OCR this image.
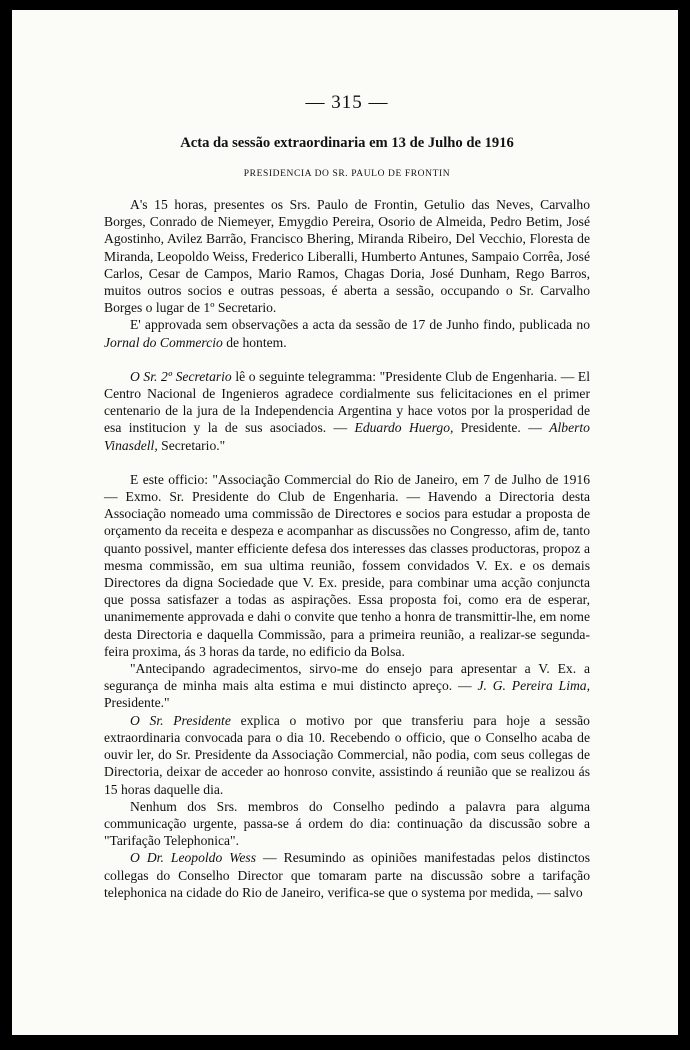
— 315 —
Acta da sessão extraordinaria em 13 de Julho de 1916
PRESIDENCIA DO SR. PAULO DE FRONTIN

A's 15 horas, presentes os Srs. Paulo de Frontin, Getulio das Neves, Carvalho Borges, Conrado de Niemeyer, Emygdio Pereira, Osorio de Almeida, Pedro Betim, José Agostinho, Avilez Barrão, Francisco Bhering, Miranda Ribeiro, Del Vecchio, Floresta de Miranda, Leopoldo Weiss, Frederico Liberalli, Humberto Antunes, Sampaio Corrêa, José Carlos, Cesar de Campos, Mario Ramos, Chagas Doria, José Dunham, Rego Barros, muitos outros socios e outras pessoas, é aberta a sessão, occupando o Sr. Carvalho Borges o lugar de 1º Secretario.

E' approvada sem observações a acta da sessão de 17 de Junho findo, publicada no Jornal do Commercio de hontem.

O Sr. 2º Secretario lê o seguinte telegramma: "Presidente Club de Engenharia. — El Centro Nacional de Ingenieros agradece cordialmente sus felicitaciones en el primer centenario de la jura de la Independencia Argentina y hace votos por la prosperidad de esa institucion y la de sus asociados. — Eduardo Huergo, Presidente. — Alberto Vinasdell, Secretario."

E este officio: "Associação Commercial do Rio de Janeiro, em 7 de Julho de 1916 — Exmo. Sr. Presidente do Club de Engenharia. — Havendo a Directoria desta Associação nomeado uma commissão de Directores e socios para estudar a proposta de orçamento da receita e despeza e acompanhar as discussões no Congresso, afim de, tanto quanto possivel, manter efficiente defesa dos interesses das classes productoras, propoz a mesma commissão, em sua ultima reunião, fossem convidados V. Ex. e os demais Directores da digna Sociedade que V. Ex. preside, para combinar uma acção conjuncta que possa satisfazer a todas as aspirações. Essa proposta foi, como era de esperar, unanimemente approvada e dahi o convite que tenho a honra de transmittir-lhe, em nome desta Directoria e daquella Commissão, para a primeira reunião, a realizar-se segunda-feira proxima, ás 3 horas da tarde, no edificio da Bolsa.

"Antecipando agradecimentos, sirvo-me do ensejo para apresentar a V. Ex. a segurança de minha mais alta estima e mui distincto apreço. — J. G. Pereira Lima, Presidente."

O Sr. Presidente explica o motivo por que transferiu para hoje a sessão extraordinaria convocada para o dia 10. Recebendo o officio, que o Conselho acaba de ouvir ler, do Sr. Presidente da Associação Commercial, não podia, com seus collegas de Directoria, deixar de acceder ao honroso convite, assistindo á reunião que se realizou ás 15 horas daquelle dia.

Nenhum dos Srs. membros do Conselho pedindo a palavra para alguma communicação urgente, passa-se á ordem do dia: continuação da discussão sobre a "Tarifação Telephonica".

O Dr. Leopoldo Wess — Resumindo as opiniões manifestadas pelos distinctos collegas do Conselho Director que tomaram parte na discussão sobre a tarifação telephonica na cidade do Rio de Janeiro, verifica-se que o systema por medida, — salvo
